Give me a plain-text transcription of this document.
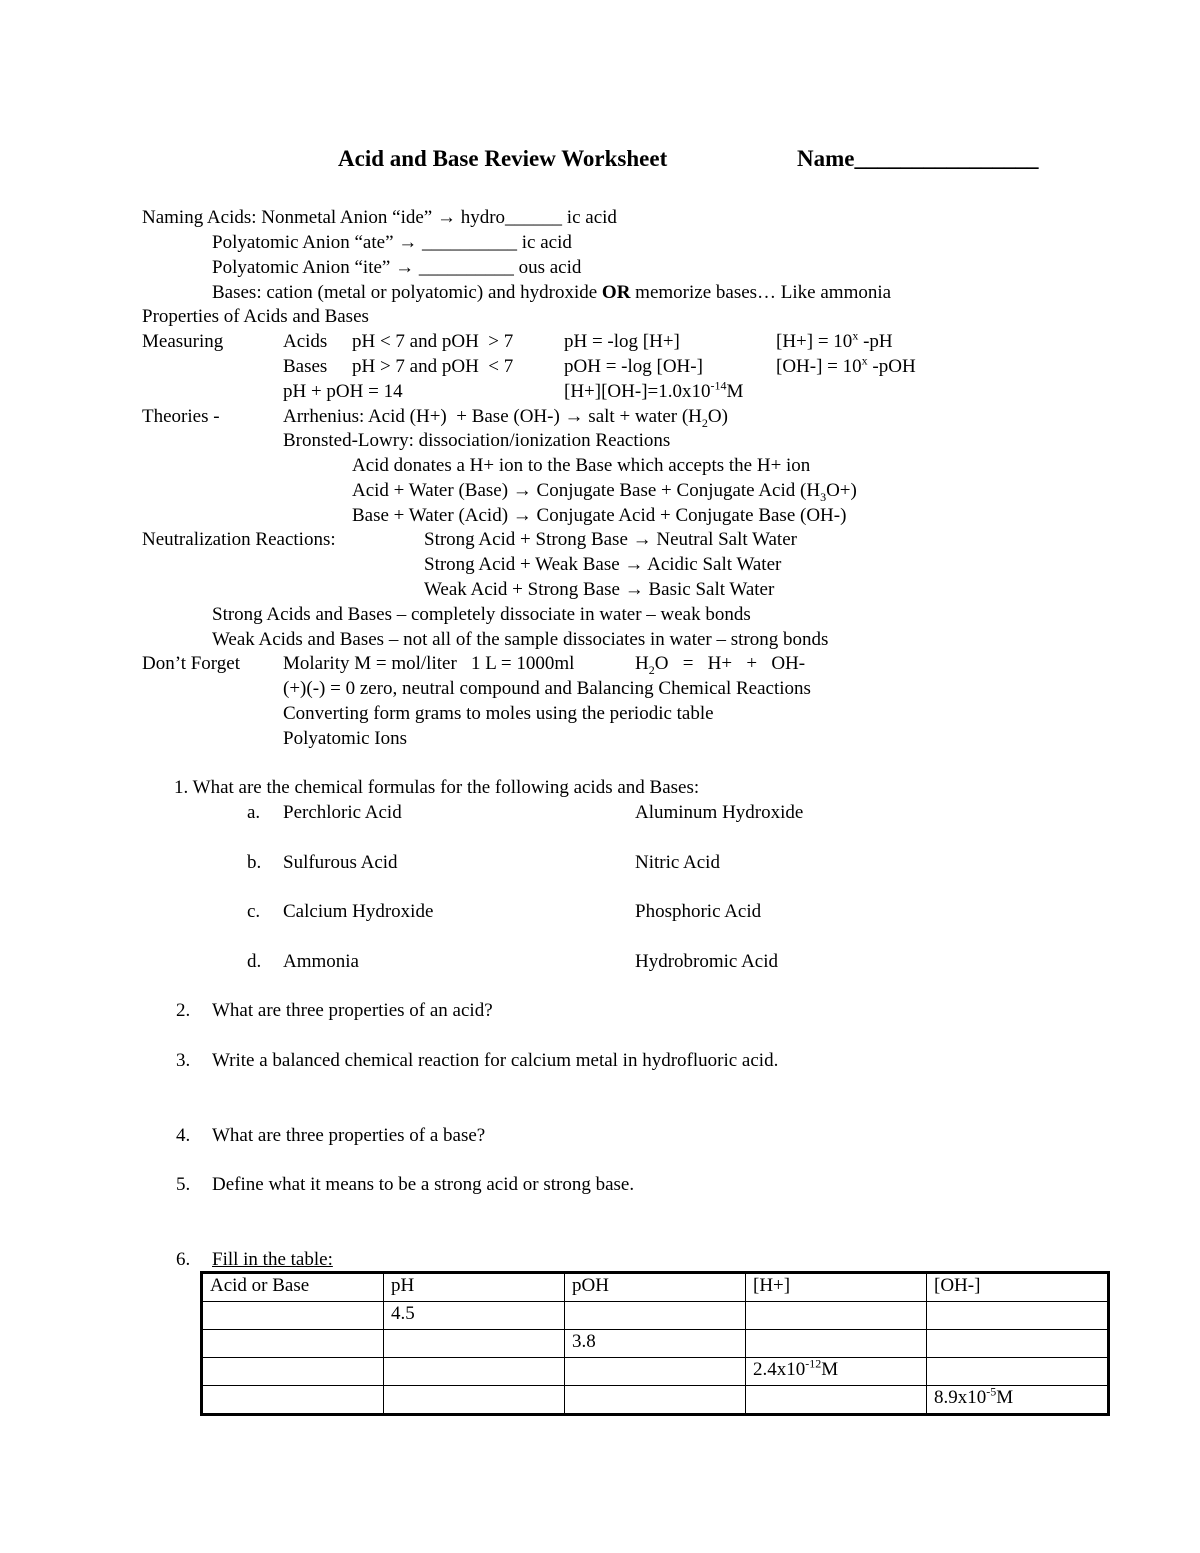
Acid and Base Review Worksheet	Name________________
Naming Acids: Nonmetal Anion “ide” → hydro______ ic acid
Polyatomic Anion “ate” → __________ ic acid
Polyatomic Anion “ite” → __________ ous acid
Bases: cation (metal or polyatomic) and hydroxide OR memorize bases… Like ammonia
Properties of Acids and Bases
Measuring	Acids pH < 7 and pOH  > 7	pH = -log [H+]	$[H+] = 10^x$ -pH
Bases pH > 7 and pOH  < 7	pOH = -log [OH-]	$[OH-] = 10^x$ -pOH
pH + pOH = 14	$[H+][OH-]=1.0x10^{-14}M$
Theories -	Arrhenius: Acid (H+)  + Base (OH-) → salt + water $(H_2O)$
Bronsted-Lowry: dissociation/ionization Reactions
Acid donates a H+ ion to the Base which accepts the H+ ion
Acid + Water (Base) → Conjugate Base + Conjugate Acid $(H_3O+)$
Base + Water (Acid) → Conjugate Acid + Conjugate Base (OH-)
Neutralization Reactions:	Strong Acid + Strong Base → Neutral Salt Water
Strong Acid + Weak Base → Acidic Salt Water
Weak Acid + Strong Base → Basic Salt Water
Strong Acids and Bases – completely dissociate in water – weak bonds
Weak Acids and Bases – not all of the sample dissociates in water – strong bonds
Don’t Forget Molarity M = mol/liter   1 L = 1000ml	$H_2O = H+ + OH-$
(+)(-) = 0 zero, neutral compound and Balancing Chemical Reactions
Converting form grams to moles using the periodic table
Polyatomic Ions
1. What are the chemical formulas for the following acids and Bases:
a. Perchloric Acid	Aluminum Hydroxide
b. Sulfurous Acid	Nitric Acid
c. Calcium Hydroxide	Phosphoric Acid
d. Ammonia	Hydrobromic Acid
2. What are three properties of an acid?
3. Write a balanced chemical reaction for calcium metal in hydrofluoric acid.
4. What are three properties of a base?
5. Define what it means to be a strong acid or strong base.
6. Fill in the table:
Acid or Base	pH	pOH	[H+]	[OH-]
	4.5			
		3.8		
			$2.4x10^{-12}M$	
				$8.9x10^{-5}M$
